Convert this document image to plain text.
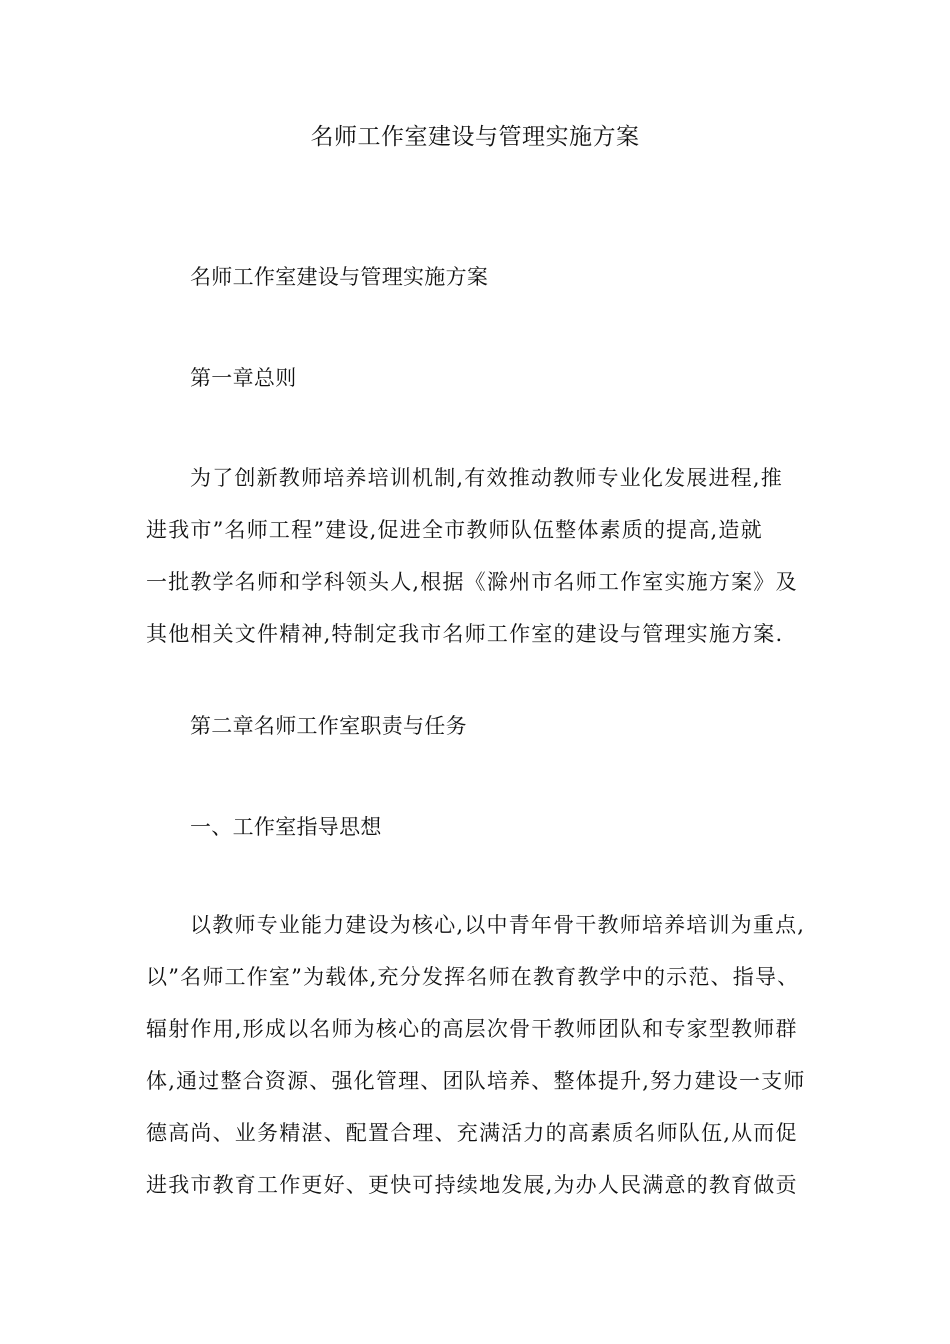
名师工作室建设与管理实施方案
名师工作室建设与管理实施方案
第一章总则
为了创新教师培养培训机制,有效推动教师专业化发展进程,推
进我市”名师工程”建设,促进全市教师队伍整体素质的提高,造就
一批教学名师和学科领头人,根据《滁州市名师工作室实施方案》及
其他相关文件精神,特制定我市名师工作室的建设与管理实施方案.
第二章名师工作室职责与任务
一、工作室指导思想
以教师专业能力建设为核心,以中青年骨干教师培养培训为重点,
以”名师工作室”为载体,充分发挥名师在教育教学中的示范、指导、
辐射作用,形成以名师为核心的高层次骨干教师团队和专家型教师群
体,通过整合资源、强化管理、团队培养、整体提升,努力建设一支师
德高尚、业务精湛、配置合理、充满活力的高素质名师队伍,从而促
进我市教育工作更好、更快可持续地发展,为办人民满意的教育做贡
